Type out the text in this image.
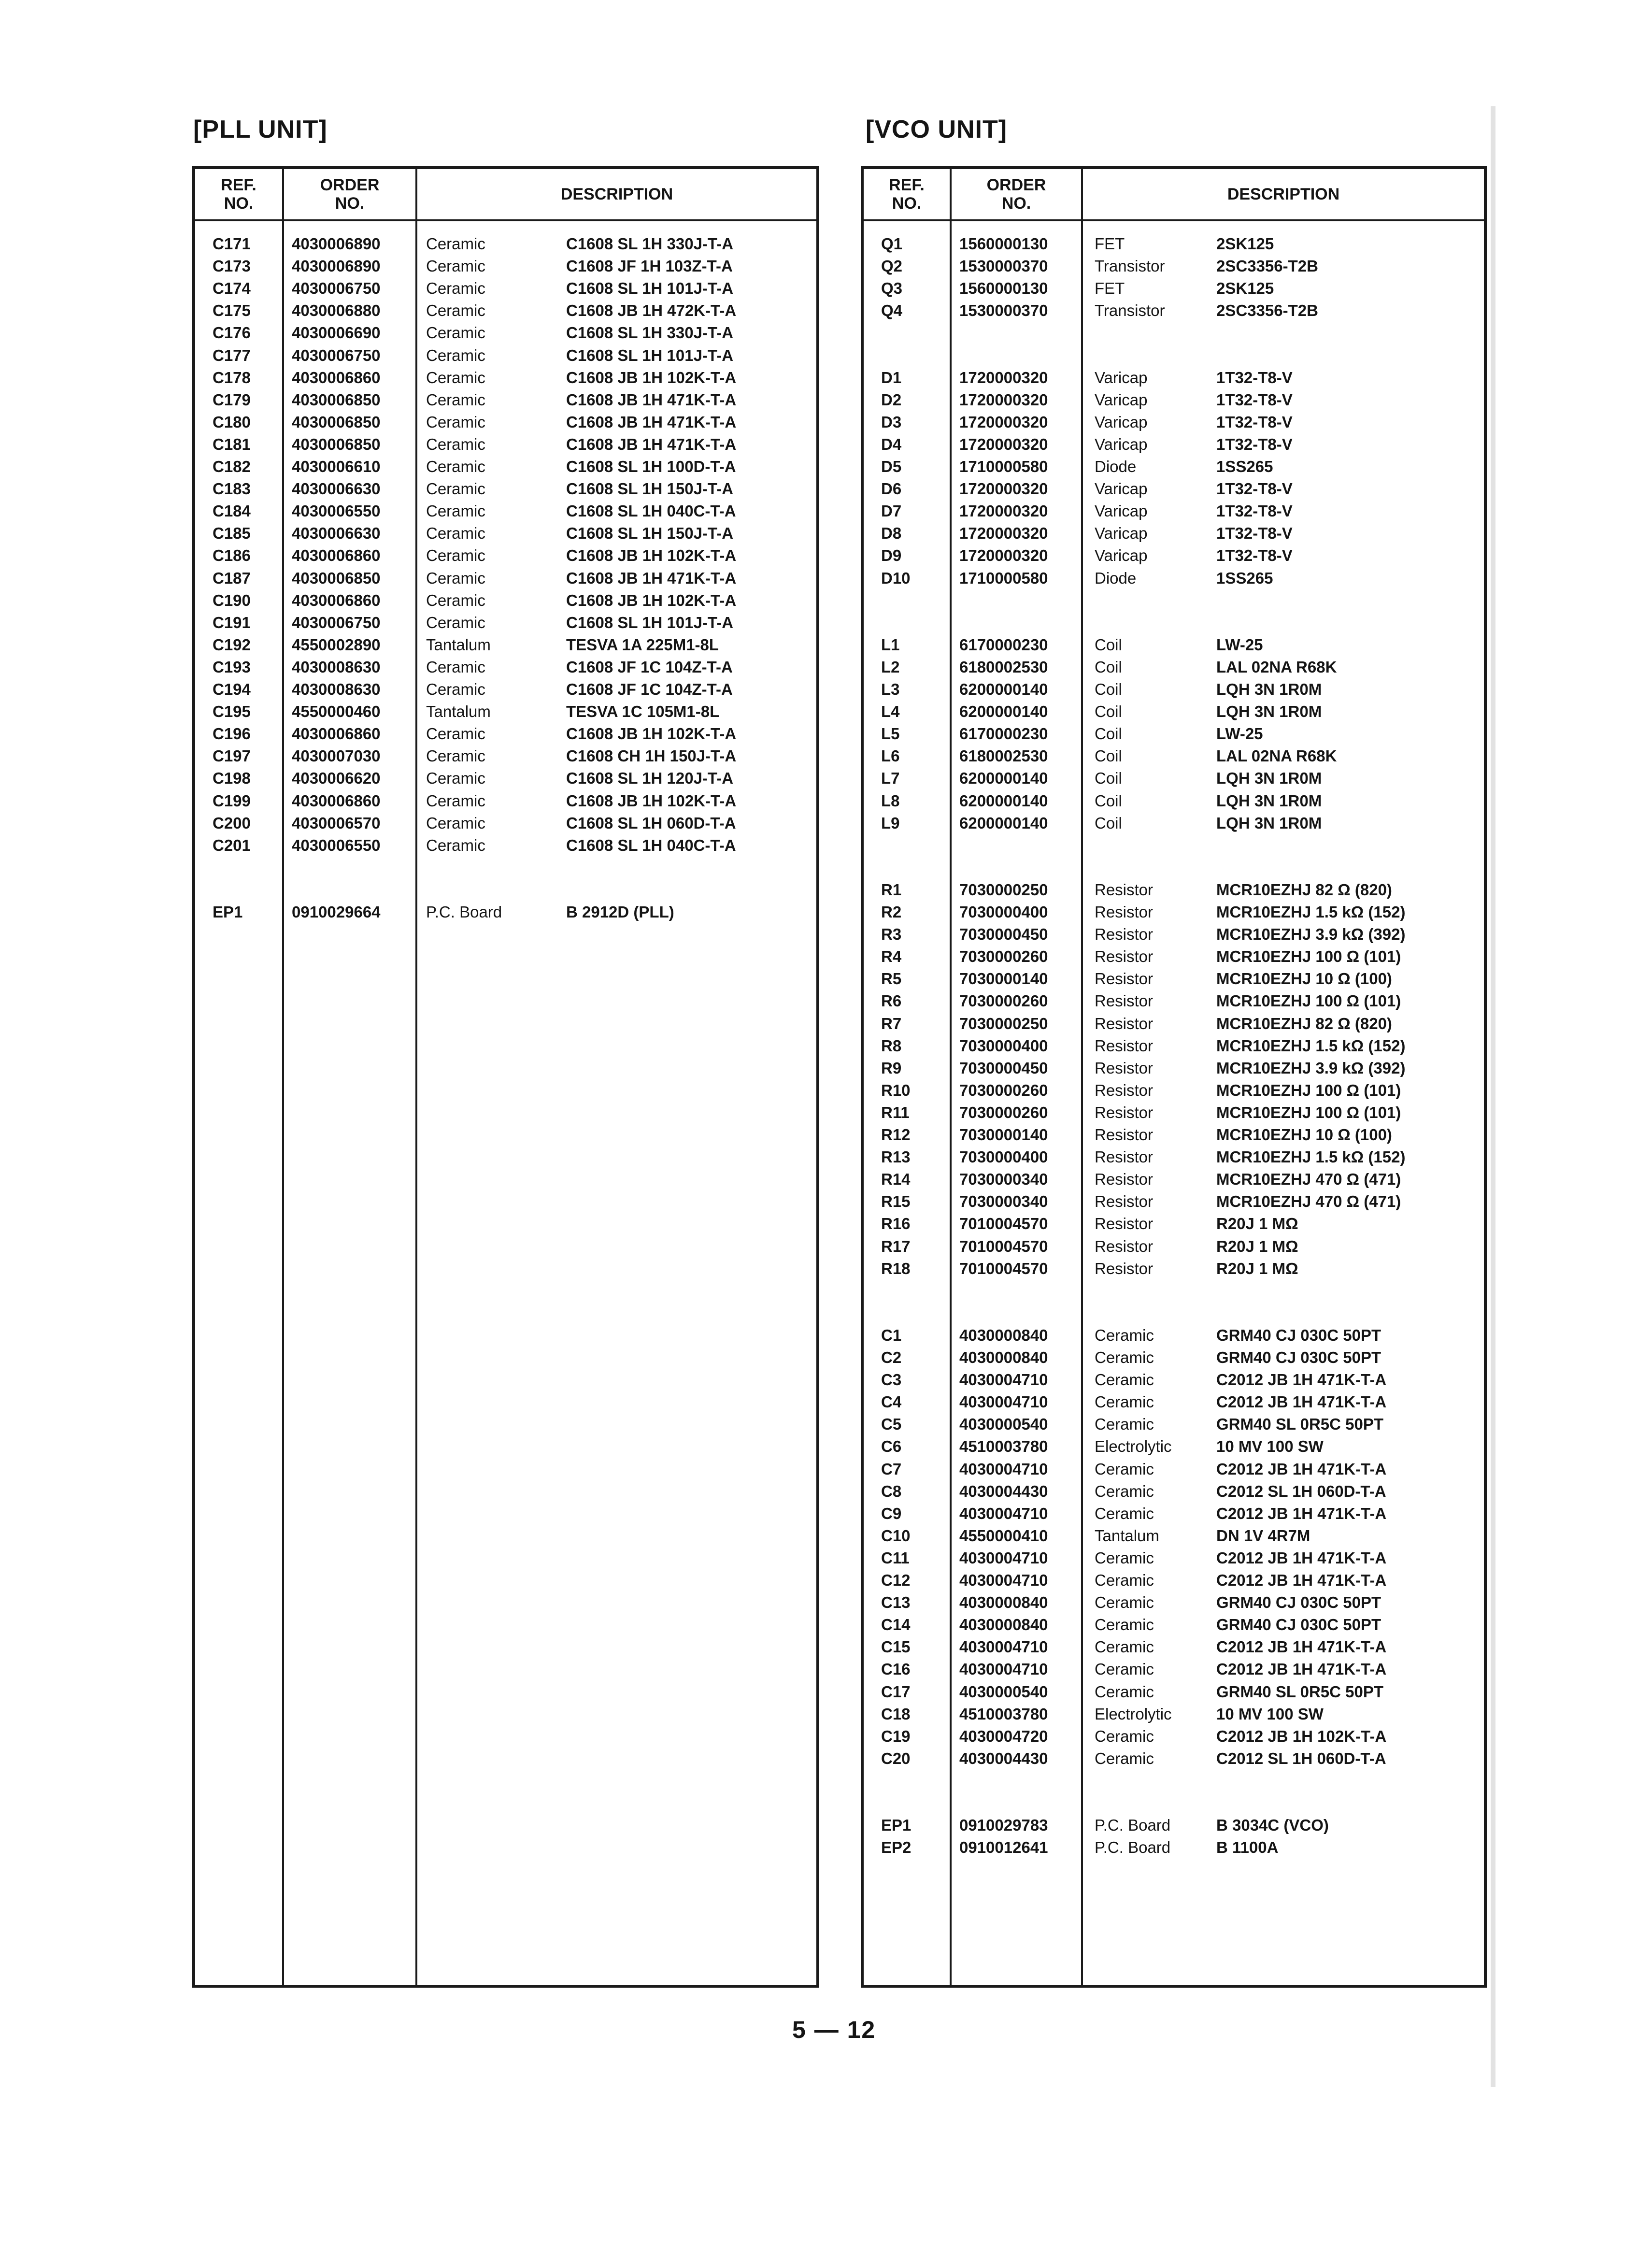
[PLL UNIT]	[VCO UNIT]
REF.
NO.
ORDER
NO.	DESCRIPTION
C171	4030006890	Ceramic	C1608 SL 1H 330J-T-A
C173	4030006890	Ceramic	C1608 JF 1H 103Z-T-A
C174	4030006750	Ceramic	C1608 SL 1H 101J-T-A
C175	4030006880	Ceramic	C1608 JB 1H 472K-T-A
C176	4030006690	Ceramic	C1608 SL 1H 330J-T-A
C177	4030006750	Ceramic	C1608 SL 1H 101J-T-A
C178	4030006860	Ceramic	C1608 JB 1H 102K-T-A
C179	4030006850	Ceramic	C1608 JB 1H 471K-T-A
C180	4030006850	Ceramic	C1608 JB 1H 471K-T-A
C181	4030006850	Ceramic	C1608 JB 1H 471K-T-A
C182	4030006610	Ceramic	C1608 SL 1H 100D-T-A
C183	4030006630	Ceramic	C1608 SL 1H 150J-T-A
C184	4030006550	Ceramic	C1608 SL 1H 040C-T-A
C185	4030006630	Ceramic	C1608 SL 1H 150J-T-A
C186	4030006860	Ceramic	C1608 JB 1H 102K-T-A
C187	4030006850	Ceramic	C1608 JB 1H 471K-T-A
C190	4030006860	Ceramic	C1608 JB 1H 102K-T-A
C191	4030006750	Ceramic	C1608 SL 1H 101J-T-A
C192	4550002890	Tantalum	TESVA 1A 225M1-8L
C193	4030008630	Ceramic	C1608 JF 1C 104Z-T-A
C194	4030008630	Ceramic	C1608 JF 1C 104Z-T-A
C195	4550000460	Tantalum	TESVA 1C 105M1-8L
C196	4030006860	Ceramic	C1608 JB 1H 102K-T-A
C197	4030007030	Ceramic	C1608 CH 1H 150J-T-A
C198	4030006620	Ceramic	C1608 SL 1H 120J-T-A
C199	4030006860	Ceramic	C1608 JB 1H 102K-T-A
C200	4030006570	Ceramic	C1608 SL 1H 060D-T-A
C201	4030006550	Ceramic	C1608 SL 1H 040C-T-A
EP1	0910029664	P.C. Board	B 2912D (PLL)
REF.
NO.
ORDER
NO.	DESCRIPTION
Q1	1560000130	FET	2SK125
Q2	1530000370	Transistor	2SC3356-T2B
Q3	1560000130	FET	2SK125
Q4	1530000370	Transistor	2SC3356-T2B
D1	1720000320	Varicap	1T32-T8-V
D2	1720000320	Varicap	1T32-T8-V
D3	1720000320	Varicap	1T32-T8-V
D4	1720000320	Varicap	1T32-T8-V
D5	1710000580	Diode	1SS265
D6	1720000320	Varicap	1T32-T8-V
D7	1720000320	Varicap	1T32-T8-V
D8	1720000320	Varicap	1T32-T8-V
D9	1720000320	Varicap	1T32-T8-V
D10	1710000580	Diode	1SS265
L1	6170000230	Coil	LW-25
L2	6180002530	Coil	LAL 02NA R68K
L3	6200000140	Coil	LQH 3N 1R0M
L4	6200000140	Coil	LQH 3N 1R0M
L5	6170000230	Coil	LW-25
L6	6180002530	Coil	LAL 02NA R68K
L7	6200000140	Coil	LQH 3N 1R0M
L8	6200000140	Coil	LQH 3N 1R0M
L9	6200000140	Coil	LQH 3N 1R0M
R1	7030000250	Resistor	MCR10EZHJ 82 Ω (820)
R2	7030000400	Resistor	MCR10EZHJ 1.5 kΩ (152)
R3	7030000450	Resistor	MCR10EZHJ 3.9 kΩ (392)
R4	7030000260	Resistor	MCR10EZHJ 100 Ω (101)
R5	7030000140	Resistor	MCR10EZHJ 10 Ω (100)
R6	7030000260	Resistor	MCR10EZHJ 100 Ω (101)
R7	7030000250	Resistor	MCR10EZHJ 82 Ω (820)
R8	7030000400	Resistor	MCR10EZHJ 1.5 kΩ (152)
R9	7030000450	Resistor	MCR10EZHJ 3.9 kΩ (392)
R10	7030000260	Resistor	MCR10EZHJ 100 Ω (101)
R11	7030000260	Resistor	MCR10EZHJ 100 Ω (101)
R12	7030000140	Resistor	MCR10EZHJ 10 Ω (100)
R13	7030000400	Resistor	MCR10EZHJ 1.5 kΩ (152)
R14	7030000340	Resistor	MCR10EZHJ 470 Ω (471)
R15	7030000340	Resistor	MCR10EZHJ 470 Ω (471)
R16	7010004570	Resistor	R20J 1 MΩ
R17	7010004570	Resistor	R20J 1 MΩ
R18	7010004570	Resistor	R20J 1 MΩ
C1	4030000840	Ceramic	GRM40 CJ 030C 50PT
C2	4030000840	Ceramic	GRM40 CJ 030C 50PT
C3	4030004710	Ceramic	C2012 JB 1H 471K-T-A
C4	4030004710	Ceramic	C2012 JB 1H 471K-T-A
C5	4030000540	Ceramic	GRM40 SL 0R5C 50PT
C6	4510003780	Electrolytic	10 MV 100 SW
C7	4030004710	Ceramic	C2012 JB 1H 471K-T-A
C8	4030004430	Ceramic	C2012 SL 1H 060D-T-A
C9	4030004710	Ceramic	C2012 JB 1H 471K-T-A
C10	4550000410	Tantalum	DN 1V 4R7M
C11	4030004710	Ceramic	C2012 JB 1H 471K-T-A
C12	4030004710	Ceramic	C2012 JB 1H 471K-T-A
C13	4030000840	Ceramic	GRM40 CJ 030C 50PT
C14	4030000840	Ceramic	GRM40 CJ 030C 50PT
C15	4030004710	Ceramic	C2012 JB 1H 471K-T-A
C16	4030004710	Ceramic	C2012 JB 1H 471K-T-A
C17	4030000540	Ceramic	GRM40 SL 0R5C 50PT
C18	4510003780	Electrolytic	10 MV 100 SW
C19	4030004720	Ceramic	C2012 JB 1H 102K-T-A
C20	4030004430	Ceramic	C2012 SL 1H 060D-T-A
EP1	0910029783	P.C. Board	B 3034C (VCO)
EP2	0910012641	P.C. Board	B 1100A
5 — 12
